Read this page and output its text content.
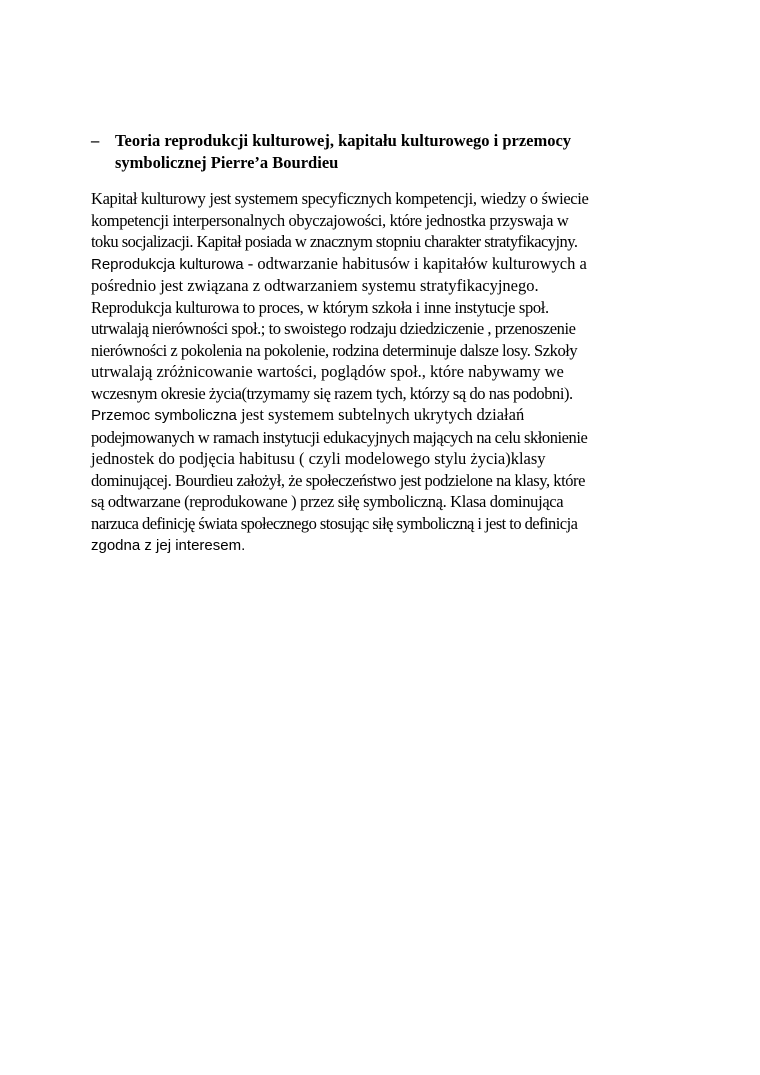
– Teoria reprodukcji kulturowej, kapitału kulturowego i przemocy
symbolicznej Pierre’a Bourdieu
Kapitał kulturowy jest systemem specyficznych kompetencji, wiedzy o świecie
kompetencji interpersonalnych obyczajowości, które jednostka przyswaja w
toku socjalizacji. Kapitał posiada w znacznym stopniu charakter stratyfikacyjny.
Reprodukcja kulturowa - odtwarzanie habitusów i kapitałów kulturowych a
pośrednio jest związana z odtwarzaniem systemu stratyfikacyjnego.
Reprodukcja kulturowa to proces, w którym szkoła i inne instytucje społ.
utrwalają nierówności społ.; to swoistego rodzaju dziedziczenie , przenoszenie
nierówności z pokolenia na pokolenie, rodzina determinuje dalsze losy. Szkoły
utrwalają zróżnicowanie wartości, poglądów społ., które nabywamy we
wczesnym okresie życia(trzymamy się razem tych, którzy są do nas podobni).
Przemoc symboliczna jest systemem subtelnych ukrytych działań
podejmowanych w ramach instytucji edukacyjnych mających na celu skłonienie
jednostek do podjęcia habitusu ( czyli modelowego stylu życia)klasy
dominującej. Bourdieu założył, że społeczeństwo jest podzielone na klasy, które
są odtwarzane (reprodukowane ) przez siłę symboliczną. Klasa dominująca
narzuca definicję świata społecznego stosując siłę symboliczną i jest to definicja
zgodna z jej interesem.
